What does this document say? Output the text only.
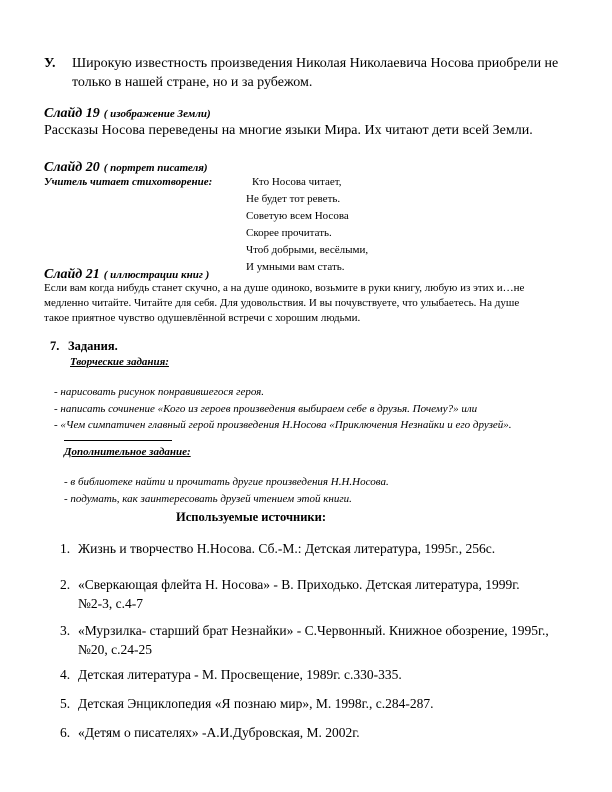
У. Широкую известность произведения Николая Николаевича Носова приобрели не
только в нашей стране, но и за рубежом.
Слайд 19 ( изображение Земли)
Рассказы Носова переведены на многие языки Мира. Их читают дети всей Земли.
Слайд 20 ( портрет писателя)
Учитель читает стихотворение:	Кто Носова читает,
Не будет тот реветь.
Советую всем Носова
Скорее прочитать.
Чтоб добрыми, весёлыми,
И умными вам стать.
Слайд 21 ( иллюстрации книг )
Если вам когда нибудь станет скучно, а на душе одиноко, возьмите в руки книгу, любую из этих и…не
медленно читайте. Читайте для себя. Для удовольствия. И вы почувствуете, что улыбаетесь. На душе
такое приятное чувство одушевлённой встречи с хорошим людьми.
7. Задания.
Творческие задания:
- нарисовать рисунок понравившегося героя.
- написать сочинение «Кого из героев произведения выбираем себе в друзья. Почему?» или
- «Чем симпатичен главный герой произведения Н.Носова «Приключения Незнайки и его друзей».
Дополнительное задание:
- в библиотеке найти и прочитать другие произведения Н.Н.Носова.
- подумать, как заинтересовать друзей чтением этой книги.
Используемые источники:
1. Жизнь и творчество Н.Носова. Сб.-М.: Детская литература, 1995г., 256с.
2. «Сверкающая флейта Н. Носова» - В. Приходько. Детская литература, 1999г.
№2-3, с.4-7
3. «Мурзилка- старший брат Незнайки» - С.Червонный. Книжное обозрение, 1995г.,
№20, с.24-25
4. Детская литература - М. Просвещение, 1989г. с.330-335.
5. Детская Энциклопедия «Я познаю мир», М. 1998г., с.284-287.
6. «Детям о писателях» -А.И.Дубровская, М. 2002г.
